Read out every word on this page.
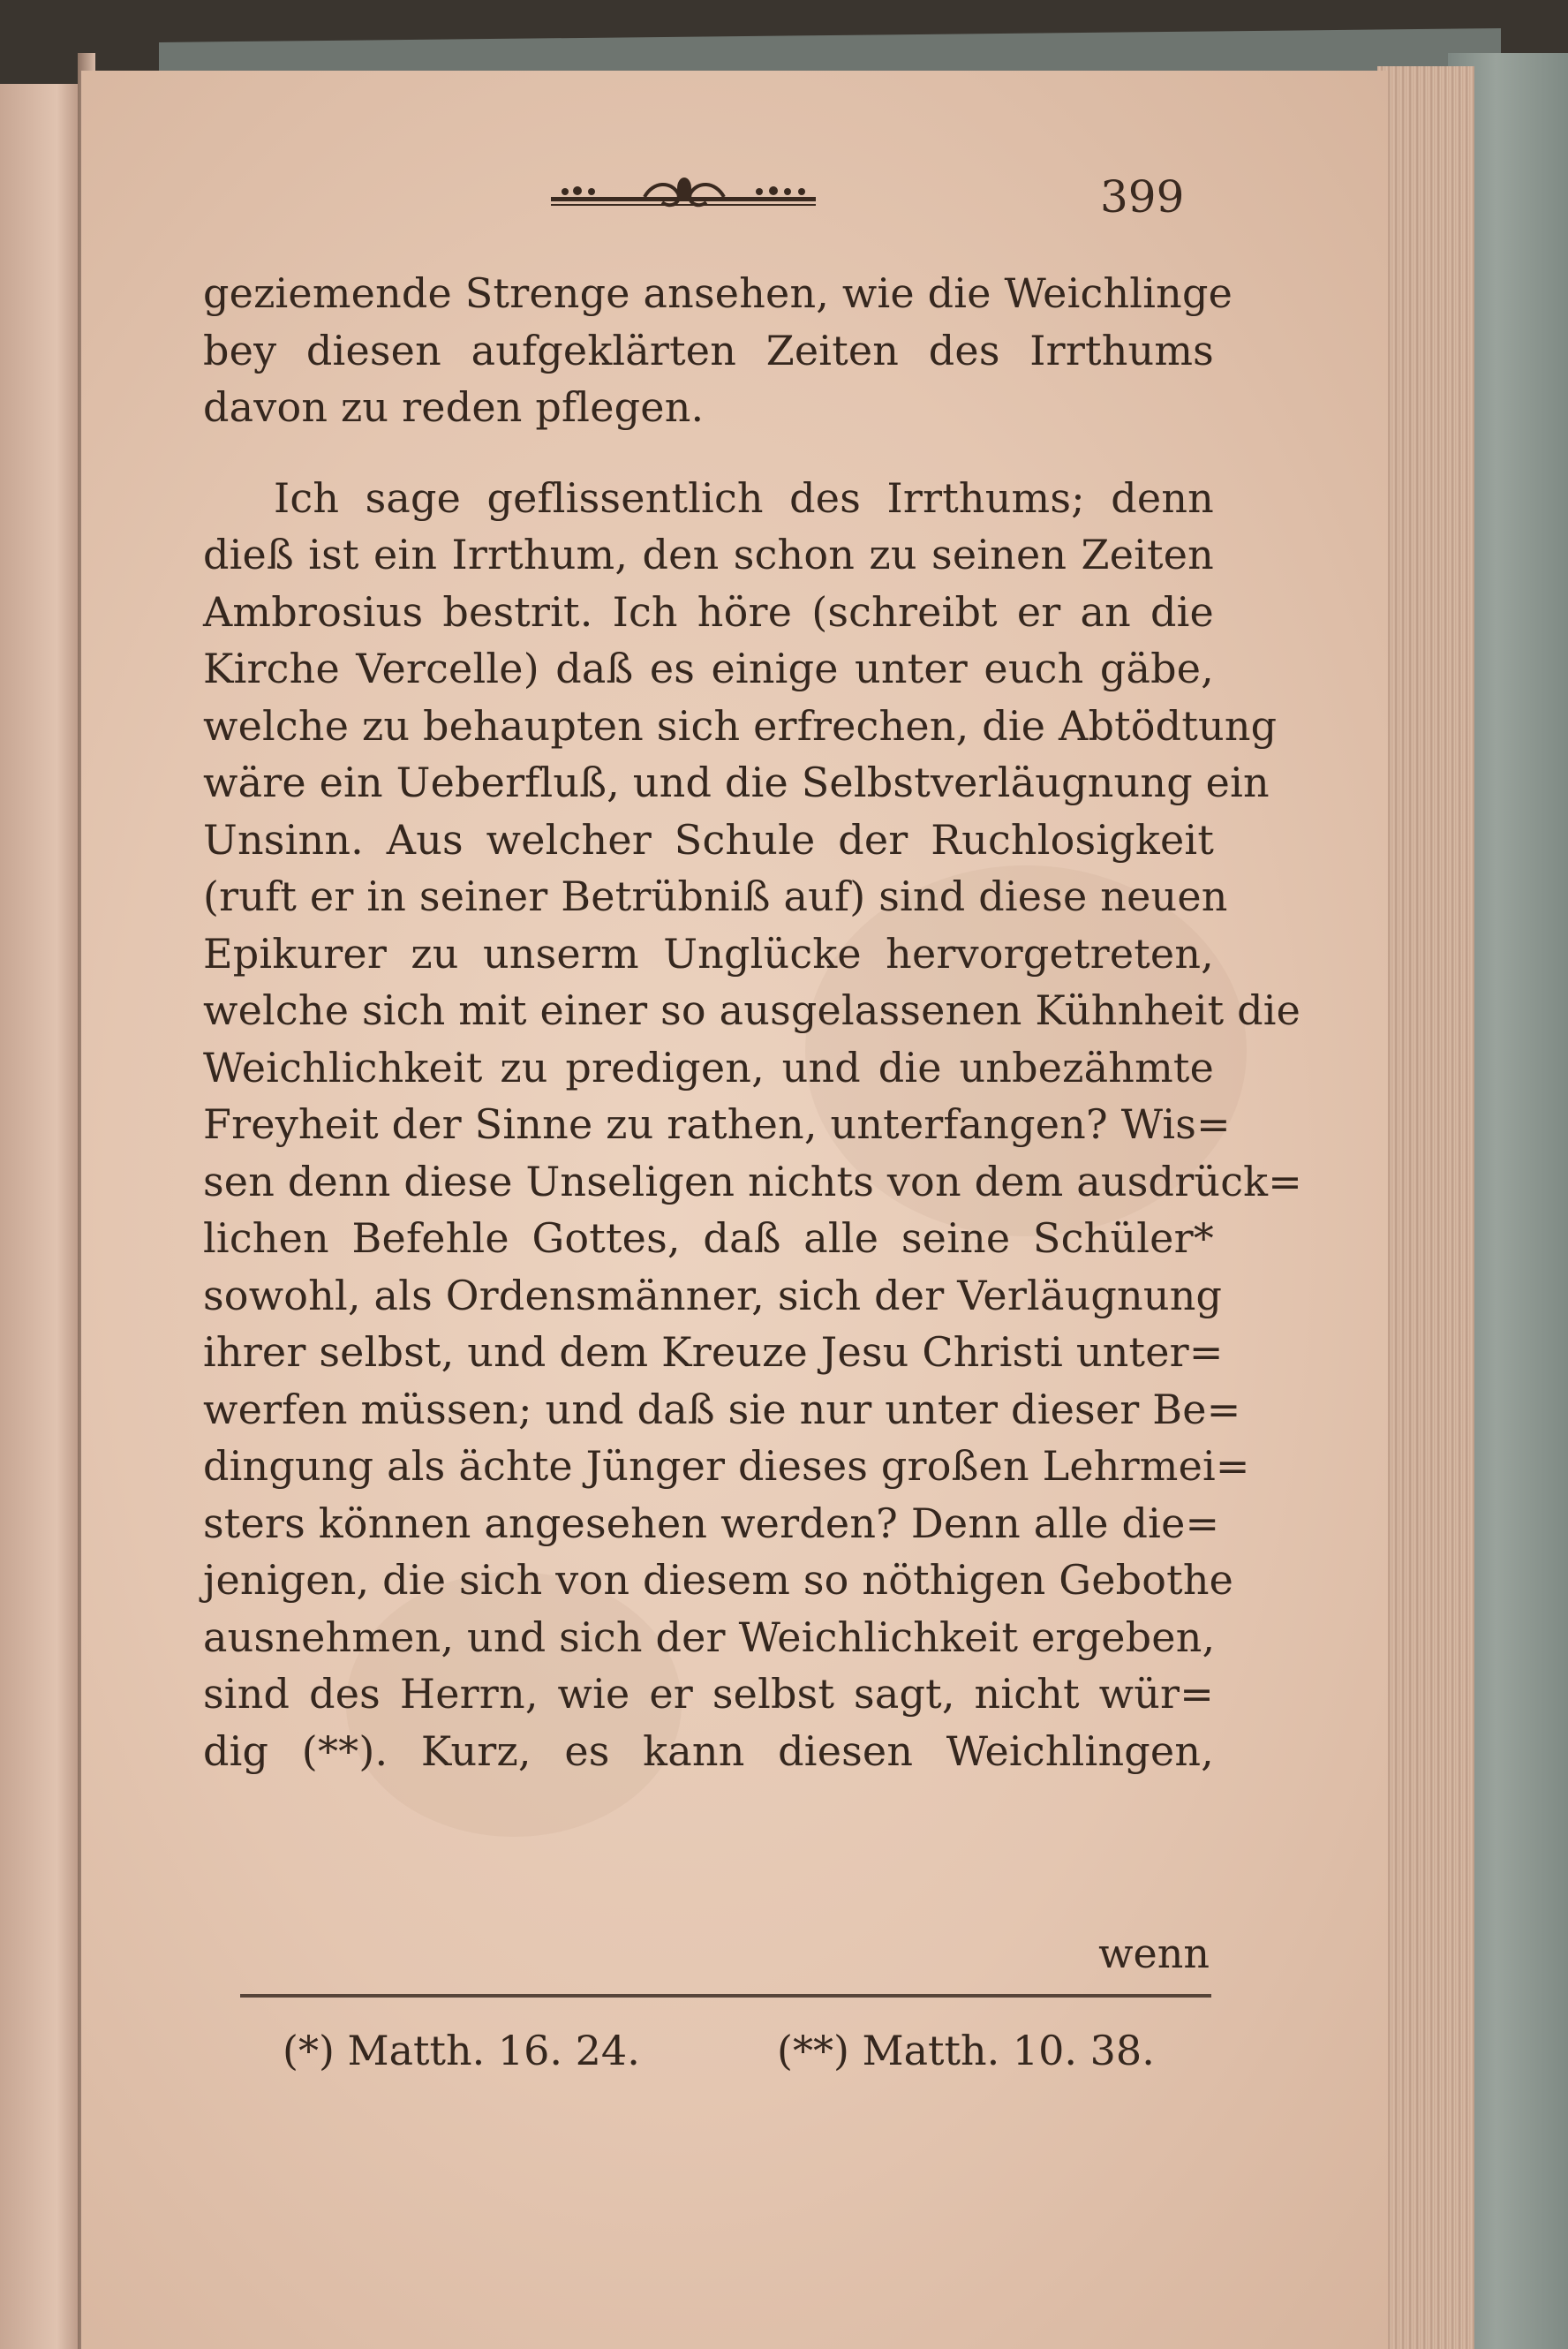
399
geziemende Strenge ansehen, wie die Weichlinge
bey diesen aufgeklärten Zeiten des Irrthums
davon zu reden pflegen.
Ich sage geflissentlich des Irrthums; denn
dieß ist ein Irrthum, den schon zu seinen Zeiten
Ambrosius bestrit. Ich höre (schreibt er an die
Kirche Vercelle) daß es einige unter euch gäbe,
welche zu behaupten sich erfrechen, die Abtödtung
wäre ein Ueberfluß, und die Selbstverläugnung ein
Unsinn. Aus welcher Schule der Ruchlosigkeit
(ruft er in seiner Betrübniß auf) sind diese neuen
Epikurer zu unserm Unglücke hervorgetreten,
welche sich mit einer so ausgelassenen Kühnheit die
Weichlichkeit zu predigen, und die unbezähmte
Freyheit der Sinne zu rathen, unterfangen? Wis=
sen denn diese Unseligen nichts von dem ausdrück=
lichen Befehle Gottes, daß alle seine Schüler*
sowohl, als Ordensmänner, sich der Verläugnung
ihrer selbst, und dem Kreuze Jesu Christi unter=
werfen müssen; und daß sie nur unter dieser Be=
dingung als ächte Jünger dieses großen Lehrmei=
sters können angesehen werden? Denn alle die=
jenigen, die sich von diesem so nöthigen Gebothe
ausnehmen, und sich der Weichlichkeit ergeben,
sind des Herrn, wie er selbst sagt, nicht wür=
dig (**). Kurz, es kann diesen Weichlingen,
wenn
(*) Matth. 16. 24.	(**) Matth. 10. 38.
